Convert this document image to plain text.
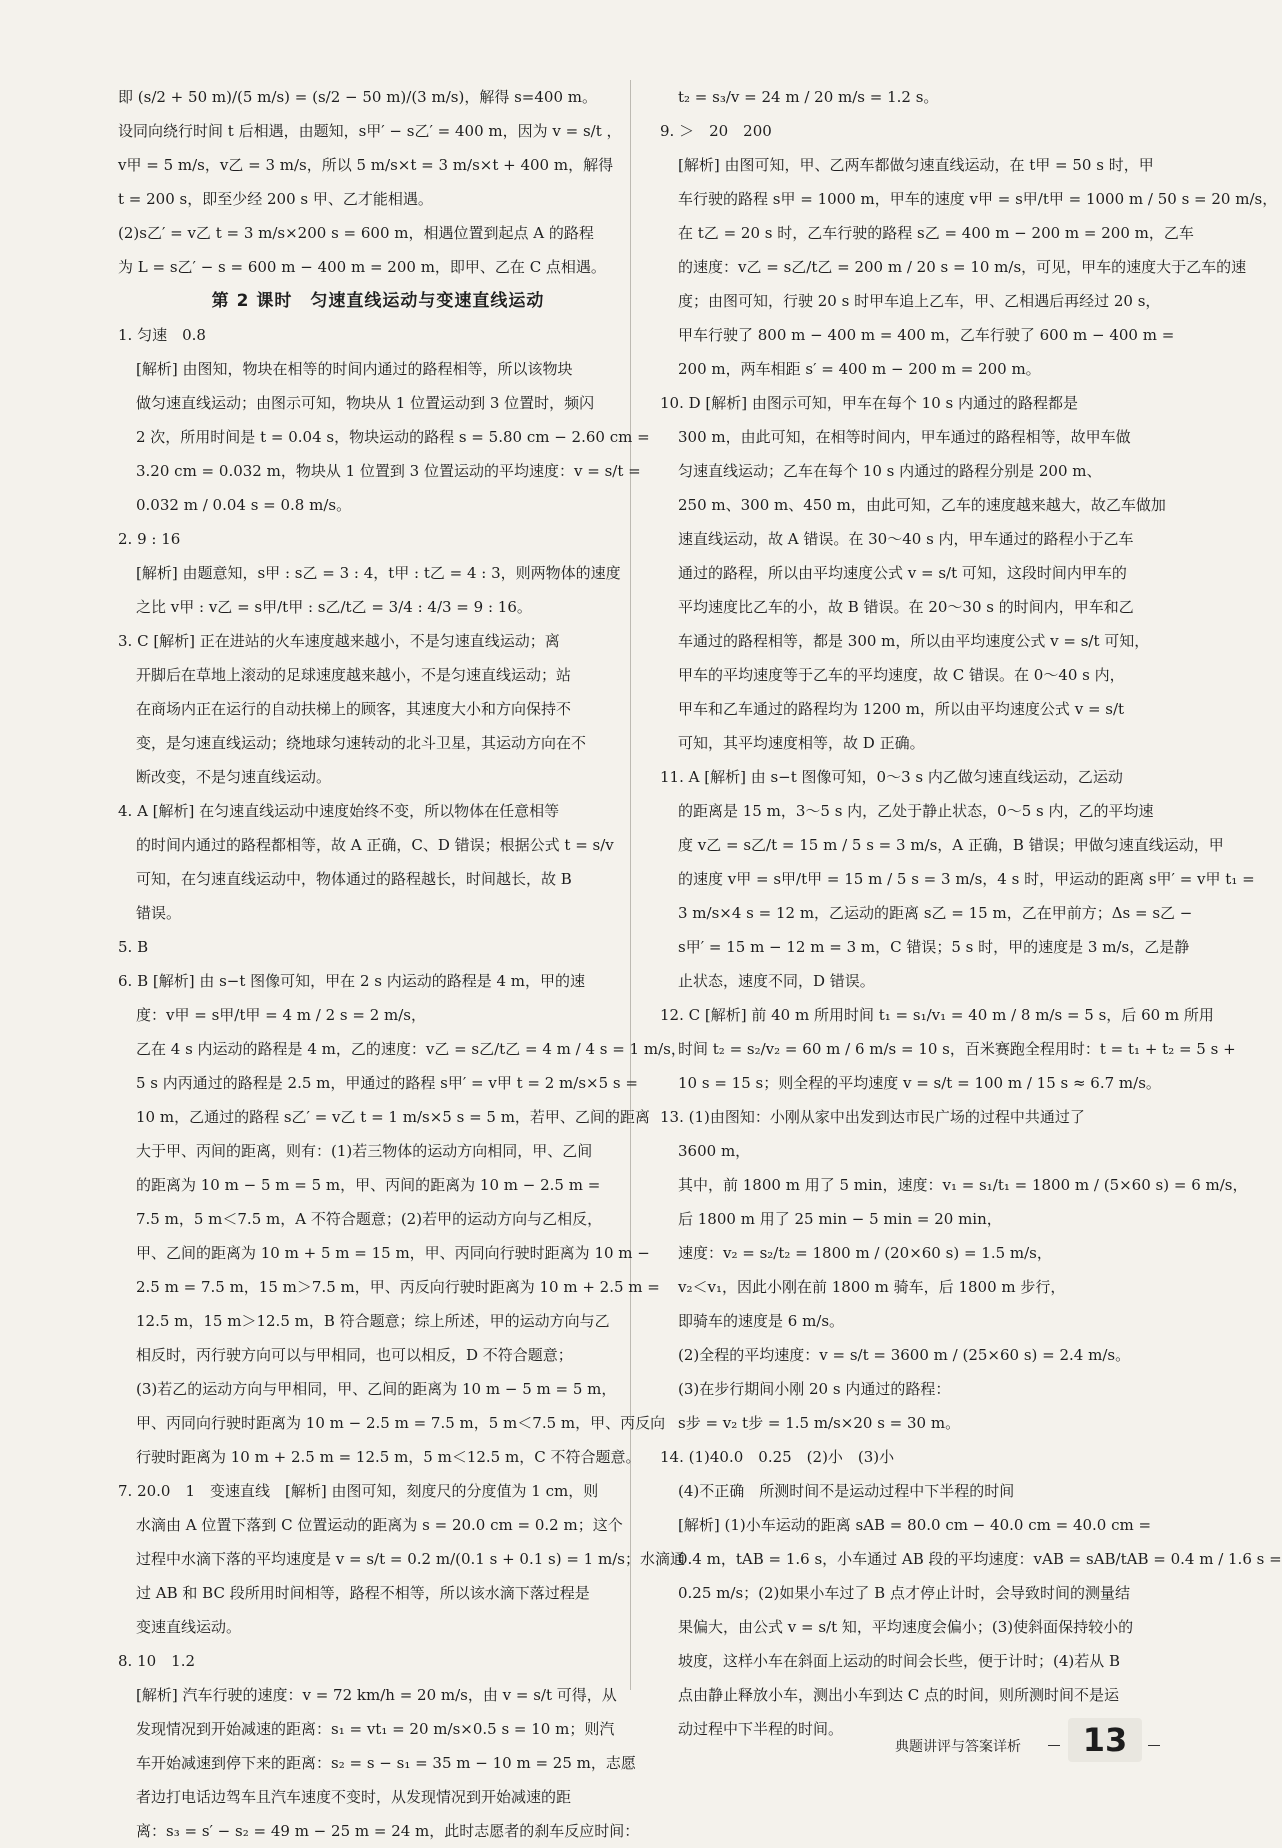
即 (s/2 + 50 m)/(5 m/s) = (s/2 − 50 m)/(3 m/s)，解得 s=400 m。
设同向绕行时间 t 后相遇，由题知，s甲′ − s乙′ = 400 m，因为 v = s/t ，
v甲 = 5 m/s，v乙 = 3 m/s，所以 5 m/s×t = 3 m/s×t + 400 m，解得
t = 200 s，即至少经 200 s 甲、乙才能相遇。
(2)s乙′ = v乙 t = 3 m/s×200 s = 600 m，相遇位置到起点 A 的路程
为 L = s乙′ − s = 600 m − 400 m = 200 m，即甲、乙在 C 点相遇。
第 2 课时　匀速直线运动与变速直线运动
1. 匀速　0.8
[解析] 由图知，物块在相等的时间内通过的路程相等，所以该物块
做匀速直线运动；由图示可知，物块从 1 位置运动到 3 位置时，频闪
2 次，所用时间是 t = 0.04 s，物块运动的路程 s = 5.80 cm − 2.60 cm =
3.20 cm = 0.032 m，物块从 1 位置到 3 位置运动的平均速度：v = s/t =
0.032 m / 0.04 s = 0.8 m/s。
2. 9 : 16
[解析] 由题意知，s甲 : s乙 = 3 : 4，t甲 : t乙 = 4 : 3，则两物体的速度
之比 v甲 : v乙 = s甲/t甲 : s乙/t乙 = 3/4 : 4/3 = 9 : 16。
3. C [解析] 正在进站的火车速度越来越小，不是匀速直线运动；离
开脚后在草地上滚动的足球速度越来越小，不是匀速直线运动；站
在商场内正在运行的自动扶梯上的顾客，其速度大小和方向保持不
变，是匀速直线运动；绕地球匀速转动的北斗卫星，其运动方向在不
断改变，不是匀速直线运动。
4. A [解析] 在匀速直线运动中速度始终不变，所以物体在任意相等
的时间内通过的路程都相等，故 A 正确，C、D 错误；根据公式 t = s/v
可知，在匀速直线运动中，物体通过的路程越长，时间越长，故 B
错误。
5. B
6. B [解析] 由 s−t 图像可知，甲在 2 s 内运动的路程是 4 m，甲的速
度：v甲 = s甲/t甲 = 4 m / 2 s = 2 m/s，
乙在 4 s 内运动的路程是 4 m，乙的速度：v乙 = s乙/t乙 = 4 m / 4 s = 1 m/s，
5 s 内丙通过的路程是 2.5 m，甲通过的路程 s甲′ = v甲 t = 2 m/s×5 s =
10 m，乙通过的路程 s乙′ = v乙 t = 1 m/s×5 s = 5 m，若甲、乙间的距离
大于甲、丙间的距离，则有：(1)若三物体的运动方向相同，甲、乙间
的距离为 10 m − 5 m = 5 m，甲、丙间的距离为 10 m − 2.5 m =
7.5 m，5 m＜7.5 m，A 不符合题意；(2)若甲的运动方向与乙相反，
甲、乙间的距离为 10 m + 5 m = 15 m，甲、丙同向行驶时距离为 10 m −
2.5 m = 7.5 m，15 m＞7.5 m，甲、丙反向行驶时距离为 10 m + 2.5 m =
12.5 m，15 m＞12.5 m，B 符合题意；综上所述，甲的运动方向与乙
相反时，丙行驶方向可以与甲相同，也可以相反，D 不符合题意；
(3)若乙的运动方向与甲相同，甲、乙间的距离为 10 m − 5 m = 5 m，
甲、丙同向行驶时距离为 10 m − 2.5 m = 7.5 m，5 m＜7.5 m，甲、丙反向
行驶时距离为 10 m + 2.5 m = 12.5 m，5 m＜12.5 m，C 不符合题意。
7. 20.0　1　变速直线　[解析] 由图可知，刻度尺的分度值为 1 cm，则
水滴由 A 位置下落到 C 位置运动的距离为 s = 20.0 cm = 0.2 m；这个
过程中水滴下落的平均速度是 v = s/t = 0.2 m/(0.1 s + 0.1 s) = 1 m/s；水滴通
过 AB 和 BC 段所用时间相等，路程不相等，所以该水滴下落过程是
变速直线运动。
8. 10　1.2
[解析] 汽车行驶的速度：v = 72 km/h = 20 m/s，由 v = s/t 可得，从
发现情况到开始减速的距离：s₁ = vt₁ = 20 m/s×0.5 s = 10 m；则汽
车开始减速到停下来的距离：s₂ = s − s₁ = 35 m − 10 m = 25 m，志愿
者边打电话边驾车且汽车速度不变时，从发现情况到开始减速的距
离：s₃ = s′ − s₂ = 49 m − 25 m = 24 m，此时志愿者的刹车反应时间：
t₂ = s₃/v = 24 m / 20 m/s = 1.2 s。
9. ＞　20　200
[解析] 由图可知，甲、乙两车都做匀速直线运动，在 t甲 = 50 s 时，甲
车行驶的路程 s甲 = 1000 m，甲车的速度 v甲 = s甲/t甲 = 1000 m / 50 s = 20 m/s，
在 t乙 = 20 s 时，乙车行驶的路程 s乙 = 400 m − 200 m = 200 m，乙车
的速度：v乙 = s乙/t乙 = 200 m / 20 s = 10 m/s，可见，甲车的速度大于乙车的速
度；由图可知，行驶 20 s 时甲车追上乙车，甲、乙相遇后再经过 20 s，
甲车行驶了 800 m − 400 m = 400 m，乙车行驶了 600 m − 400 m =
200 m，两车相距 s′ = 400 m − 200 m = 200 m。
10. D [解析] 由图示可知，甲车在每个 10 s 内通过的路程都是
300 m，由此可知，在相等时间内，甲车通过的路程相等，故甲车做
匀速直线运动；乙车在每个 10 s 内通过的路程分别是 200 m、
250 m、300 m、450 m，由此可知，乙车的速度越来越大，故乙车做加
速直线运动，故 A 错误。在 30～40 s 内，甲车通过的路程小于乙车
通过的路程，所以由平均速度公式 v = s/t 可知，这段时间内甲车的
平均速度比乙车的小，故 B 错误。在 20～30 s 的时间内，甲车和乙
车通过的路程相等，都是 300 m，所以由平均速度公式 v = s/t 可知，
甲车的平均速度等于乙车的平均速度，故 C 错误。在 0～40 s 内，
甲车和乙车通过的路程均为 1200 m，所以由平均速度公式 v = s/t
可知，其平均速度相等，故 D 正确。
11. A [解析] 由 s−t 图像可知，0～3 s 内乙做匀速直线运动，乙运动
的距离是 15 m，3～5 s 内，乙处于静止状态，0～5 s 内，乙的平均速
度 v乙 = s乙/t = 15 m / 5 s = 3 m/s，A 正确，B 错误；甲做匀速直线运动，甲
的速度 v甲 = s甲/t甲 = 15 m / 5 s = 3 m/s，4 s 时，甲运动的距离 s甲′ = v甲 t₁ =
3 m/s×4 s = 12 m，乙运动的距离 s乙 = 15 m，乙在甲前方；Δs = s乙 −
s甲′ = 15 m − 12 m = 3 m，C 错误；5 s 时，甲的速度是 3 m/s，乙是静
止状态，速度不同，D 错误。
12. C [解析] 前 40 m 所用时间 t₁ = s₁/v₁ = 40 m / 8 m/s = 5 s，后 60 m 所用
时间 t₂ = s₂/v₂ = 60 m / 6 m/s = 10 s，百米赛跑全程用时：t = t₁ + t₂ = 5 s +
10 s = 15 s；则全程的平均速度 v = s/t = 100 m / 15 s ≈ 6.7 m/s。
13. (1)由图知：小刚从家中出发到达市民广场的过程中共通过了
3600 m，
其中，前 1800 m 用了 5 min，速度：v₁ = s₁/t₁ = 1800 m / (5×60 s) = 6 m/s，
后 1800 m 用了 25 min − 5 min = 20 min，
速度：v₂ = s₂/t₂ = 1800 m / (20×60 s) = 1.5 m/s，
v₂＜v₁，因此小刚在前 1800 m 骑车，后 1800 m 步行，
即骑车的速度是 6 m/s。
(2)全程的平均速度：v = s/t = 3600 m / (25×60 s) = 2.4 m/s。
(3)在步行期间小刚 20 s 内通过的路程：
s步 = v₂ t步 = 1.5 m/s×20 s = 30 m。
14. (1)40.0　0.25　(2)小　(3)小
(4)不正确　所测时间不是运动过程中下半程的时间
[解析] (1)小车运动的距离 sAB = 80.0 cm − 40.0 cm = 40.0 cm =
0.4 m，tAB = 1.6 s，小车通过 AB 段的平均速度：vAB = sAB/tAB = 0.4 m / 1.6 s =
0.25 m/s；(2)如果小车过了 B 点才停止计时，会导致时间的测量结
果偏大，由公式 v = s/t 知，平均速度会偏小；(3)使斜面保持较小的
坡度，这样小车在斜面上运动的时间会长些，便于计时；(4)若从 B
点由静止释放小车，测出小车到达 C 点的时间，则所测时间不是运
动过程中下半程的时间。
典题讲评与答案详析	13
